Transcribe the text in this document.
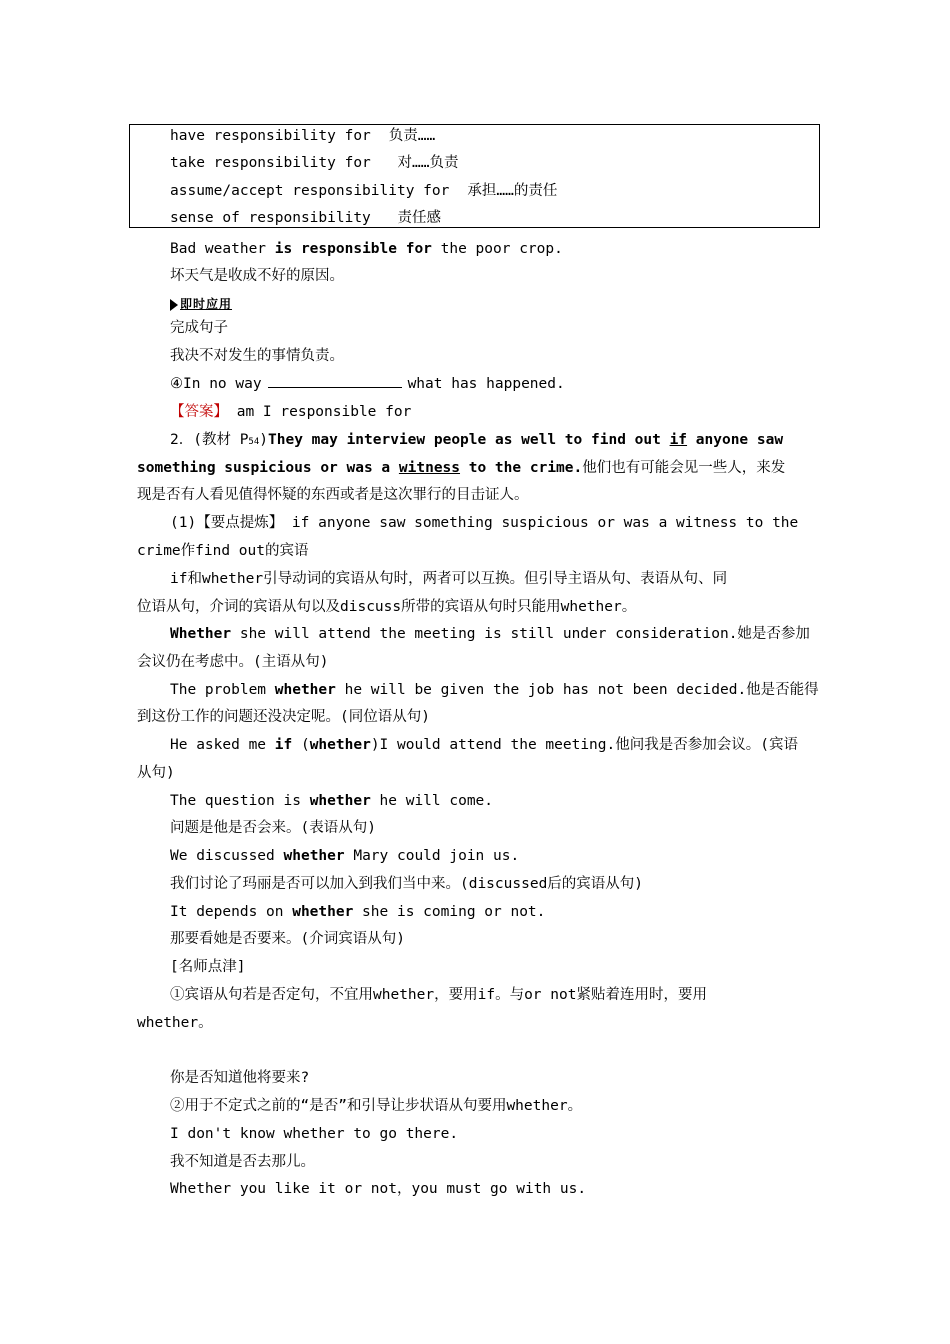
have responsibility for 负责……
take responsibility for 对……负责
assume/accept responsibility for 承担……的责任
sense of responsibility 责任感
Bad weather is responsible for the poor crop.
坏天气是收成不好的原因。
即时应用
完成句子
我决不对发生的事情负责。
④In no way	what has happened.
【答案】 am I responsible for
2．(教材 P54)They may interview people as well to find out if anyone saw
something suspicious or was a witness to the crime.他们也有可能会见一些人，来发
现是否有人看见值得怀疑的东西或者是这次罪行的目击证人。
(1)【要点提炼】 if anyone saw something suspicious or was a witness to the
crime作find out的宾语
if和whether引导动词的宾语从句时，两者可以互换。但引导主语从句、表语从句、同
位语从句，介词的宾语从句以及discuss所带的宾语从句时只能用whether。
Whether she will attend the meeting is still under consideration.她是否参加
会议仍在考虑中。(主语从句)
The problem whether he will be given the job has not been decided.他是否能得
到这份工作的问题还没决定呢。(同位语从句)
He asked me if (whether)I would attend the meeting.他问我是否参加会议。(宾语
从句)
The question is whether he will come.
问题是他是否会来。(表语从句)
We discussed whether Mary could join us.
我们讨论了玛丽是否可以加入到我们当中来。(discussed后的宾语从句)
It depends on whether she is coming or not.
那要看她是否要来。(介词宾语从句)
[名师点津]
①宾语从句若是否定句，不宜用whether，要用if。与or not紧贴着连用时，要用
whether。
你是否知道他将要来?
②用于不定式之前的“是否”和引导让步状语从句要用whether。
I don't know whether to go there.
我不知道是否去那儿。
Whether you like it or not，you must go with us.
